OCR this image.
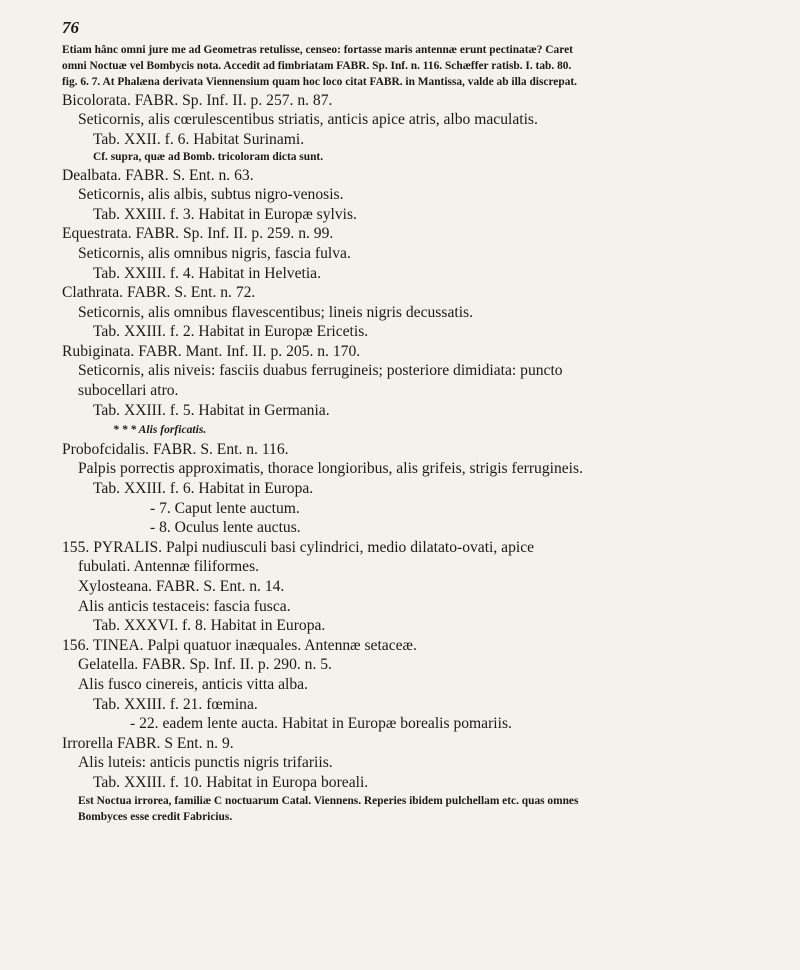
76
Etiam hânc omni jure me ad Geometras retulisse, censeo: fortasse maris antennæ erunt pectinatæ? Caret
omni Noctuæ vel Bombycis nota. Accedit ad fimbriatam FABR. Sp. Inf. n. 116. Schæffer ratisb. I. tab. 80.
fig. 6. 7. At Phalæna derivata Viennensium quam hoc loco citat FABR. in Mantissa, valde ab illa discrepat.
Bicolorata. FABR. Sp. Inf. II. p. 257. n. 87.
Seticornis, alis cœrulescentibus striatis, anticis apice atris, albo maculatis.
Tab. XXII. f. 6. Habitat Surinami.
Cf. supra, quæ ad Bomb. tricoloram dicta sunt.
Dealbata. FABR. S. Ent. n. 63.
Seticornis, alis albis, subtus nigro-venosis.
Tab. XXIII. f. 3. Habitat in Europæ sylvis.
Equestrata. FABR. Sp. Inf. II. p. 259. n. 99.
Seticornis, alis omnibus nigris, fascia fulva.
Tab. XXIII. f. 4. Habitat in Helvetia.
Clathrata. FABR. S. Ent. n. 72.
Seticornis, alis omnibus flavescentibus; lineis nigris decussatis.
Tab. XXIII. f. 2. Habitat in Europæ Ericetis.
Rubiginata. FABR. Mant. Inf. II. p. 205. n. 170.
Seticornis, alis niveis: fasciis duabus ferrugineis; posteriore dimidiata: puncto
subocellari atro.
Tab. XXIII. f. 5. Habitat in Germania.
* * * Alis forficatis.
Probofcidalis. FABR. S. Ent. n. 116.
Palpis porrectis approximatis, thorace longioribus, alis grifeis, strigis ferrugineis.
Tab. XXIII. f. 6. Habitat in Europa.
- 7. Caput lente auctum.
- 8. Oculus lente auctus.
155. PYRALIS. Palpi nudiusculi basi cylindrici, medio dilatato-ovati, apice
fubulati. Antennæ filiformes.
Xylosteana. FABR. S. Ent. n. 14.
Alis anticis testaceis: fascia fusca.
Tab. XXXVI. f. 8. Habitat in Europa.
156. TINEA. Palpi quatuor inæquales. Antennæ setaceæ.
Gelatella. FABR. Sp. Inf. II. p. 290. n. 5.
Alis fusco cinereis, anticis vitta alba.
Tab. XXIII. f. 21. fœmina.
- 22. eadem lente aucta. Habitat in Europæ borealis pomariis.
Irrorella FABR. S Ent. n. 9.
Alis luteis: anticis punctis nigris trifariis.
Tab. XXIII. f. 10. Habitat in Europa boreali.
Est Noctua irrorea, familiæ C noctuarum Catal. Viennens. Reperies ibidem pulchellam etc. quas omnes
Bombyces esse credit Fabricius.
